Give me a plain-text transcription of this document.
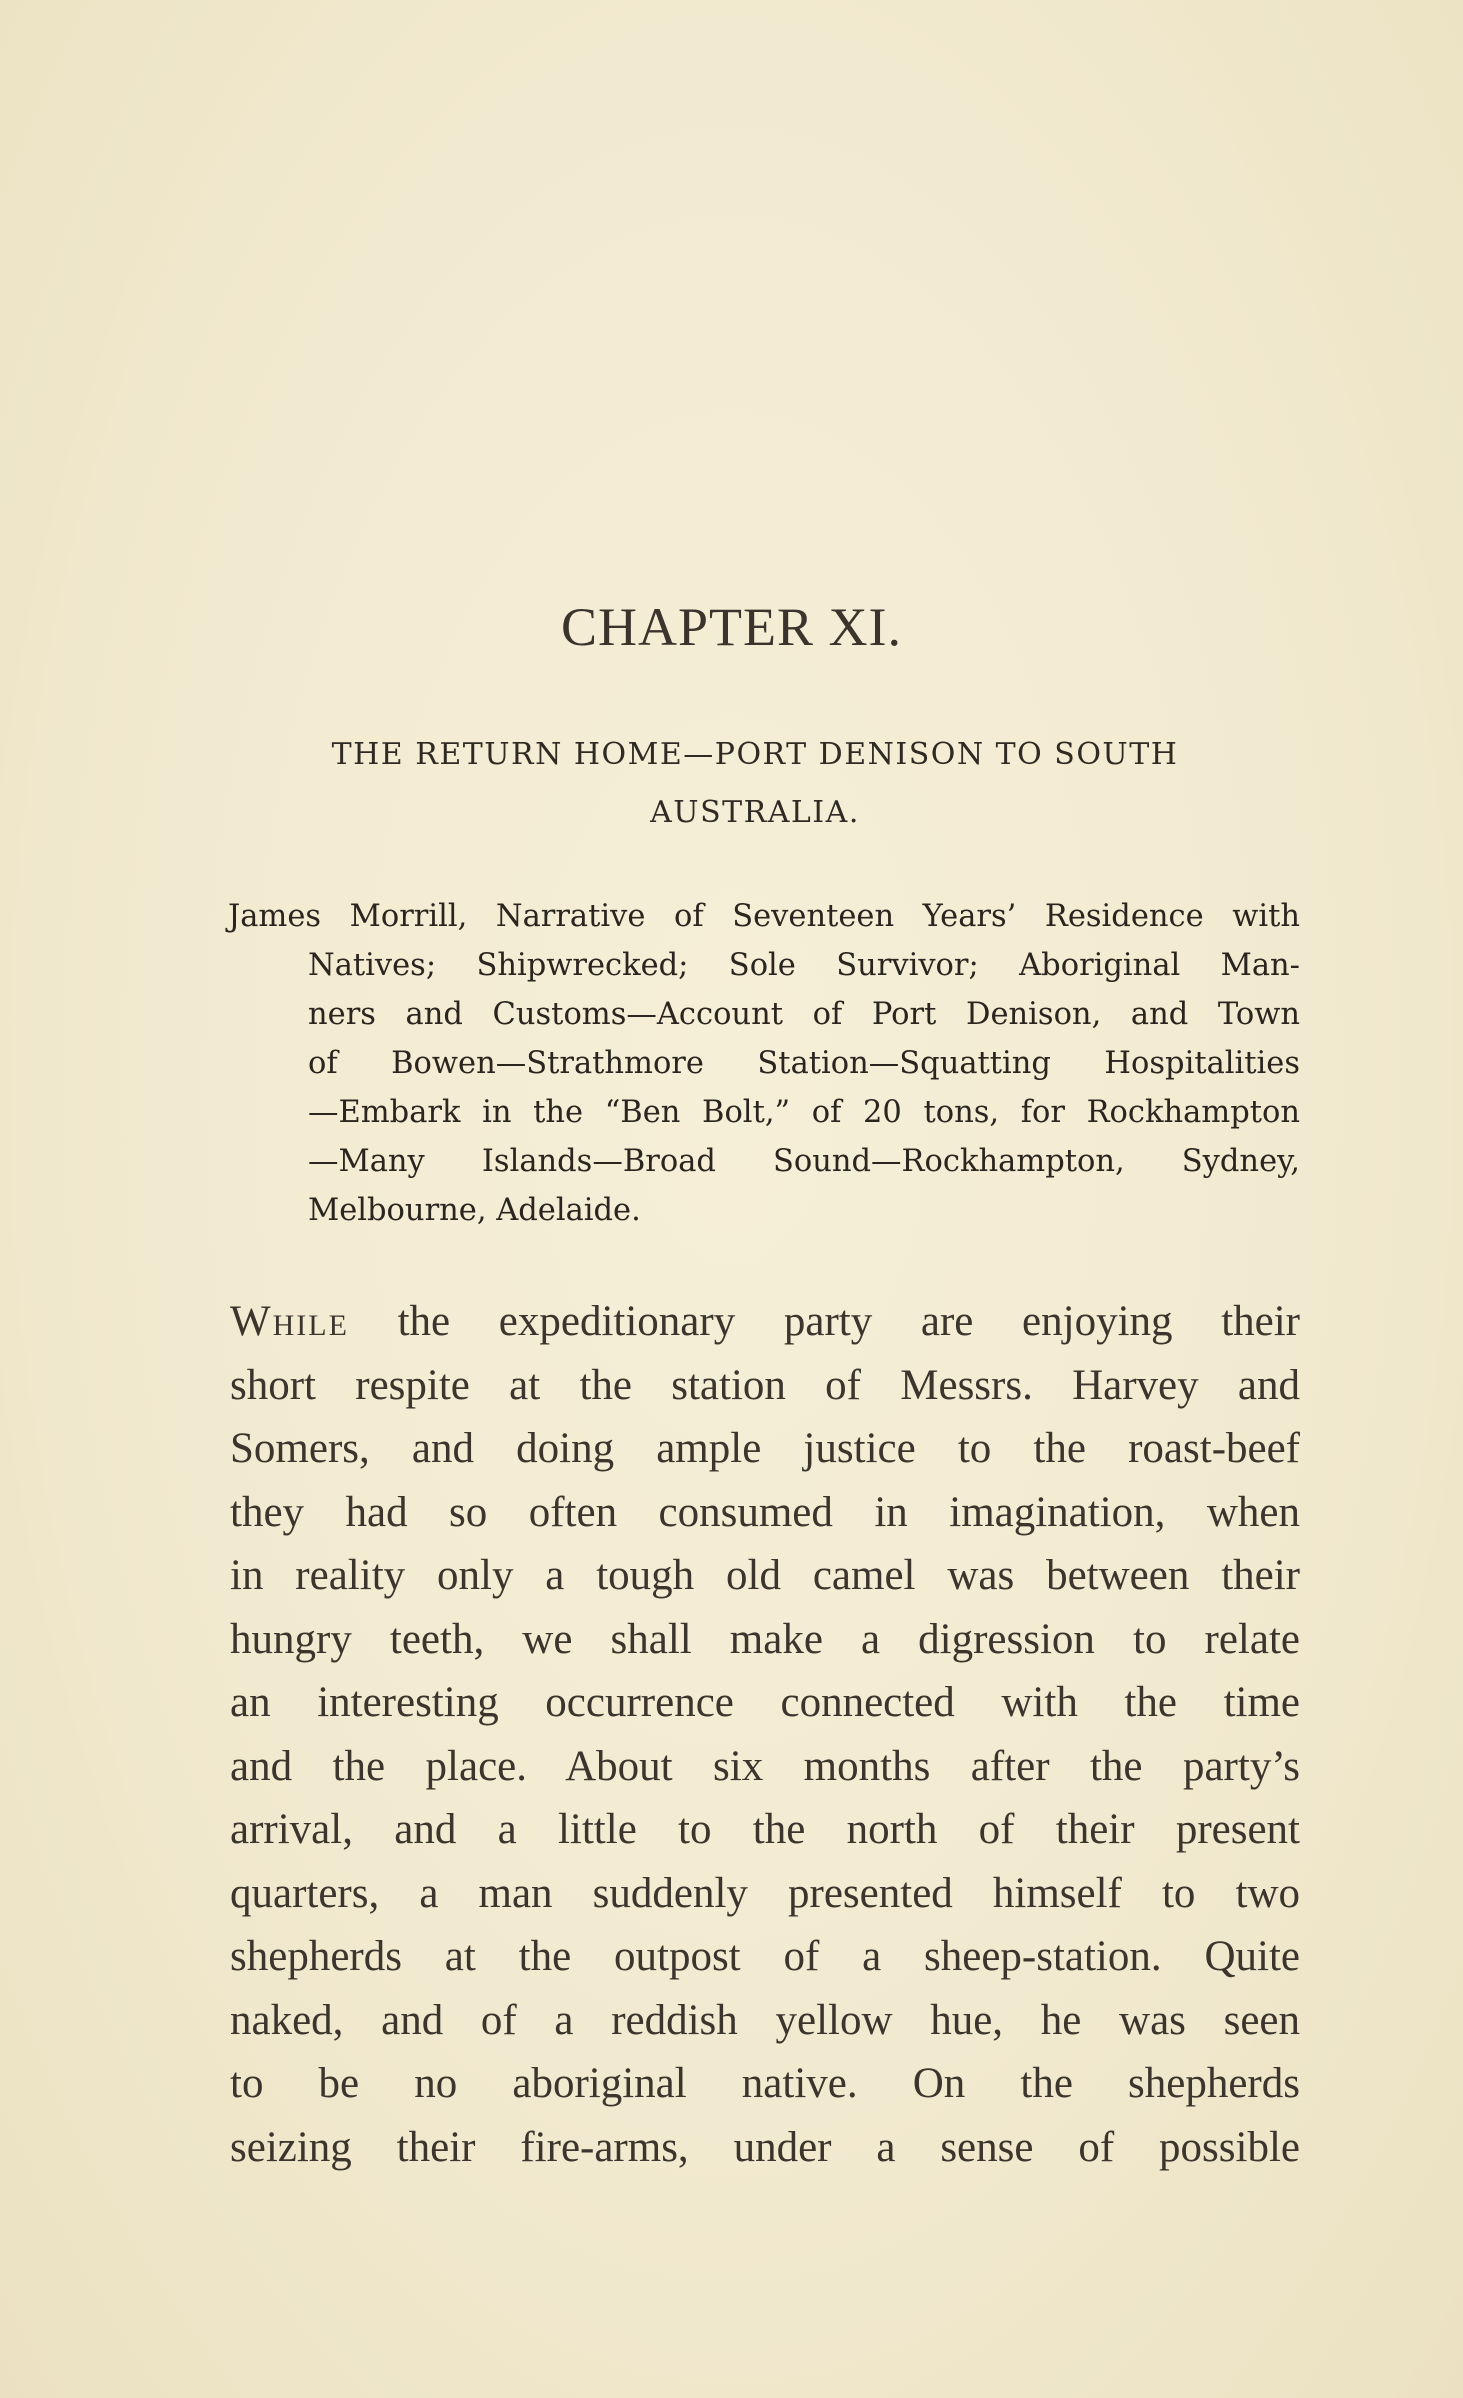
CHAPTER XI.
THE RETURN HOME—PORT DENISON TO SOUTH
AUSTRALIA.
James Morrill, Narrative of Seventeen Years’ Residence with
Natives; Shipwrecked; Sole Survivor; Aboriginal Man-
ners and Customs—Account of Port Denison, and Town
of Bowen—Strathmore Station—Squatting Hospitalities
—Embark in the “Ben Bolt,” of 20 tons, for Rockhampton
—Many Islands—Broad Sound—Rockhampton, Sydney,
Melbourne, Adelaide.
While the expeditionary party are enjoying their
short respite at the station of Messrs. Harvey and
Somers, and doing ample justice to the roast-beef
they had so often consumed in imagination, when
in reality only a tough old camel was between their
hungry teeth, we shall make a digression to relate
an interesting occurrence connected with the time
and the place. About six months after the party’s
arrival, and a little to the north of their present
quarters, a man suddenly presented himself to two
shepherds at the outpost of a sheep-station. Quite
naked, and of a reddish yellow hue, he was seen
to be no aboriginal native. On the shepherds
seizing their fire-arms, under a sense of possible
